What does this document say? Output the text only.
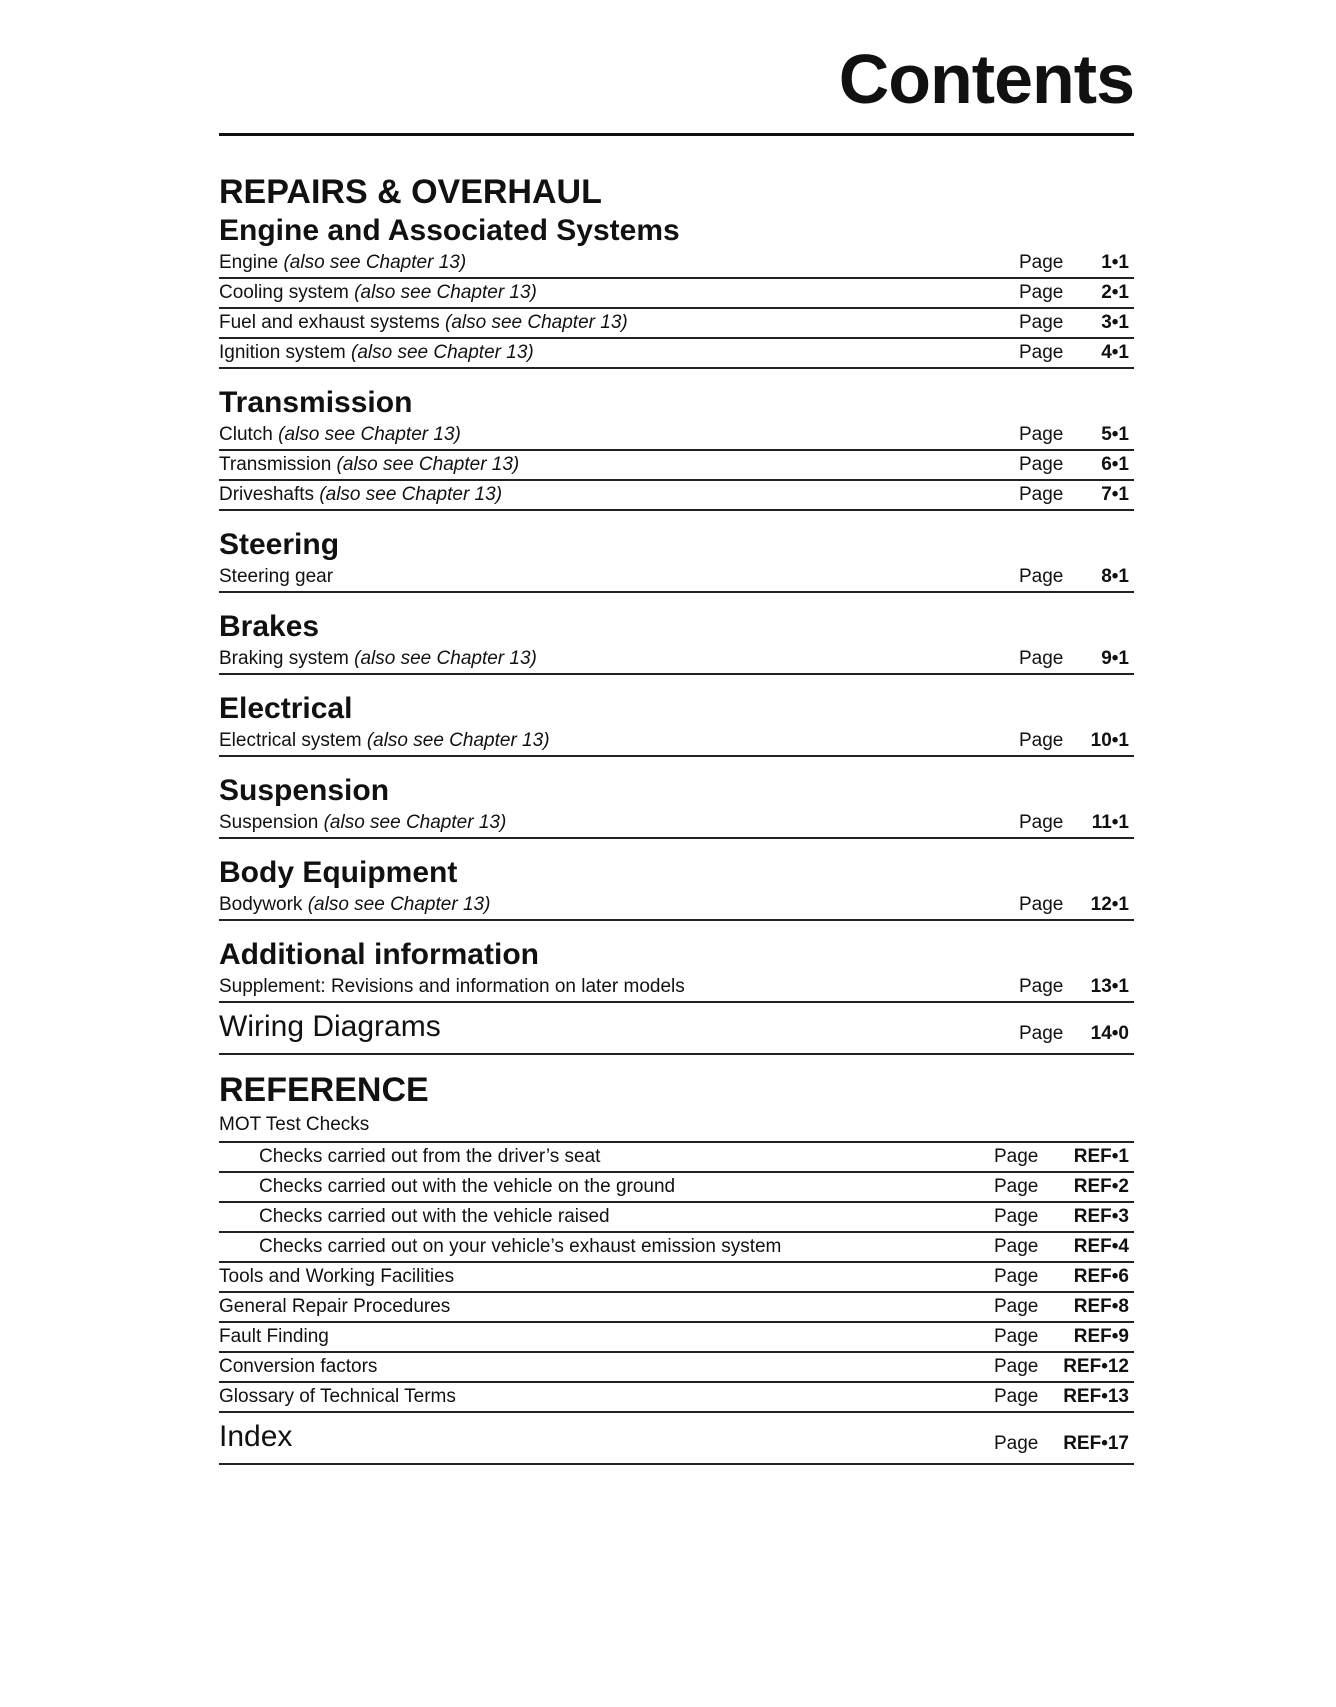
Contents
REPAIRS & OVERHAUL
Engine and Associated Systems
Engine (also see Chapter 13)	Page 1•1
Cooling system (also see Chapter 13)	Page 2•1
Fuel and exhaust systems (also see Chapter 13)	Page 3•1
Ignition system (also see Chapter 13)	Page 4•1
Transmission
Clutch (also see Chapter 13)	Page 5•1
Transmission (also see Chapter 13)	Page 6•1
Driveshafts (also see Chapter 13)	Page 7•1
Steering
Steering gear	Page 8•1
Brakes
Braking system (also see Chapter 13)	Page 9•1
Electrical
Electrical system (also see Chapter 13)	Page 10•1
Suspension
Suspension (also see Chapter 13)	Page 11•1
Body Equipment
Bodywork (also see Chapter 13)	Page 12•1
Additional information
Supplement: Revisions and information on later models	Page 13•1
Wiring Diagrams	Page 14•0
REFERENCE
MOT Test Checks
Checks carried out from the driver’s seat	Page REF•1
Checks carried out with the vehicle on the ground	Page REF•2
Checks carried out with the vehicle raised	Page REF•3
Checks carried out on your vehicle’s exhaust emission system	Page REF•4
Tools and Working Facilities	Page REF•6
General Repair Procedures	Page REF•8
Fault Finding	Page REF•9
Conversion factors	Page REF•12
Glossary of Technical Terms	Page REF•13
Index	Page REF•17
